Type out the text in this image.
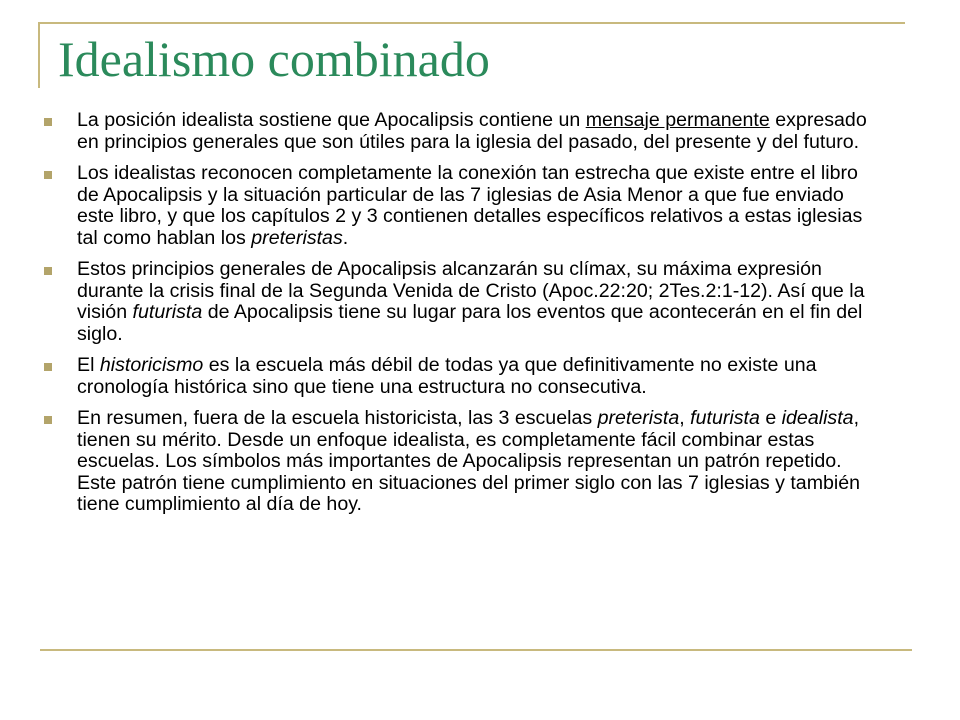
Idealismo combinado
La posición idealista sostiene que Apocalipsis contiene un mensaje permanente expresado en principios generales que son útiles para la iglesia del pasado, del presente y del futuro.
Los idealistas reconocen completamente la conexión tan estrecha que existe entre el libro de Apocalipsis y la situación particular de las 7 iglesias de Asia Menor a que fue enviado este libro, y que los capítulos 2 y 3 contienen detalles específicos relativos a estas iglesias tal como hablan los preteristas.
Estos principios generales de Apocalipsis alcanzarán su clímax, su máxima expresión durante la crisis final de la Segunda Venida de Cristo (Apoc.22:20; 2Tes.2:1-12). Así que la visión futurista de Apocalipsis tiene su lugar para los eventos que acontecerán en el fin del siglo.
El historicismo es la escuela más débil de todas ya que definitivamente no existe una cronología histórica sino que tiene una estructura no consecutiva.
En resumen, fuera de la escuela historicista, las 3 escuelas preterista, futurista e idealista, tienen su mérito. Desde un enfoque idealista, es completamente fácil combinar estas escuelas. Los símbolos más importantes de Apocalipsis representan un patrón repetido. Este patrón tiene cumplimiento en situaciones del primer siglo con las 7 iglesias y también tiene cumplimiento al día de hoy.
